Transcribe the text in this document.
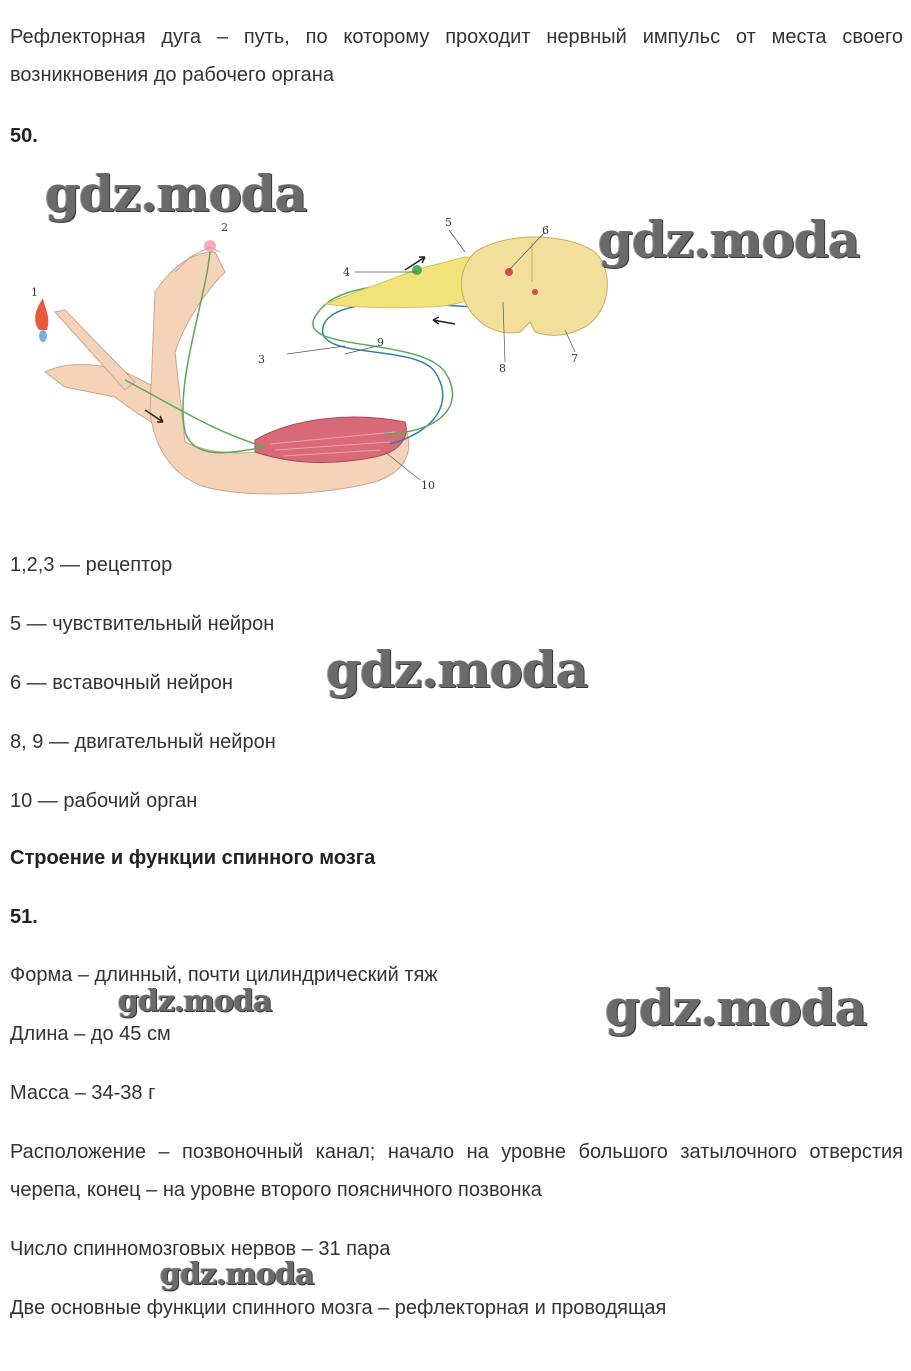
Рефлекторная дуга – путь, по которому проходит нервный импульс от места своего возникновения до рабочего органа

50.

1
2
3
4
5
6
7
8
9
10

1,2,3 — рецептор

5 — чувствительный нейрон

6 — вставочный нейрон

8, 9 — двигательный нейрон

10 — рабочий орган

Строение и функции спинного мозга

51.

Форма – длинный, почти цилиндрический тяж

Длина – до 45 см

Масса – 34-38 г

Расположение – позвоночный канал; начало на уровне большого затылочного отверстия черепа, конец – на уровне второго поясничного позвонка

Число спинномозговых нервов – 31 пара

Две основные функции спинного мозга – рефлекторная и проводящая

gdz.moda
gdz.moda
gdz.moda
gdz.moda	gdz.moda
gdz.moda
